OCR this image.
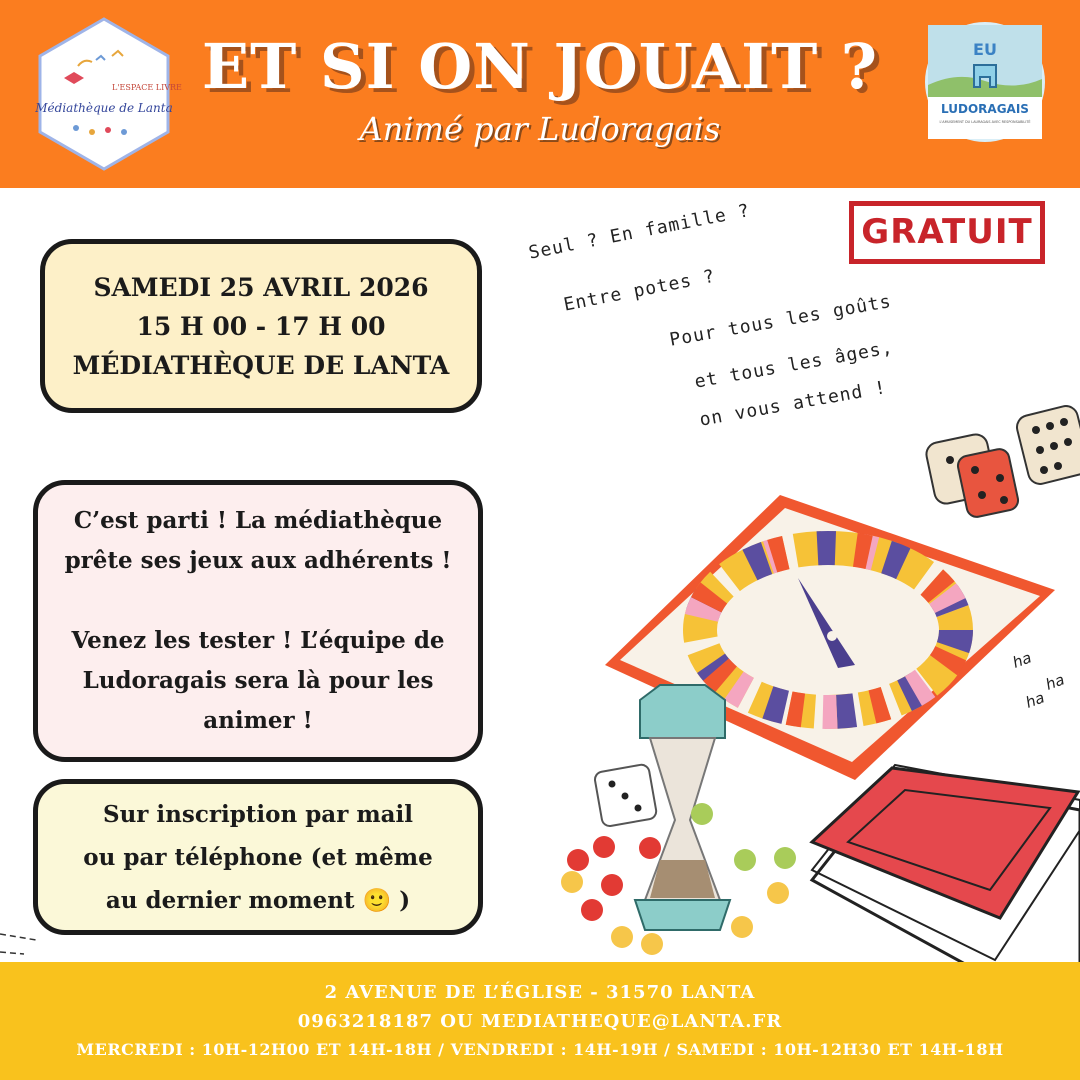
L'ESPACE LIVRE
Médiathèque de Lanta
ET SI ON JOUAIT ?
Animé par Ludoragais
EU
LUDORAGAIS
L'AMUSEMENT DU LAURAGAIS AVEC RESPONSABILITÉ
GRATUIT
SAMEDI 25 AVRIL 2026
15 H 00 - 17 H 00
MÉDIATHÈQUE DE LANTA
C’est parti ! La médiathèque
prête ses jeux aux adhérents !
Venez les tester ! L’équipe de
Ludoragais sera là pour les
animer !
Sur inscription par mail
ou par téléphone (et même
au dernier moment 🙂 )
Seul ? En famille ?
Entre potes ?
Pour tous les goûts
et tous les âges,
on vous attend !
ha
ha
ha
2 AVENUE DE L’ÉGLISE - 31570 LANTA
0963218187 OU MEDIATHEQUE@LANTA.FR
MERCREDI : 10H-12H00 ET 14H-18H / VENDREDI : 14H-19H / SAMEDI : 10H-12H30 ET 14H-18H
